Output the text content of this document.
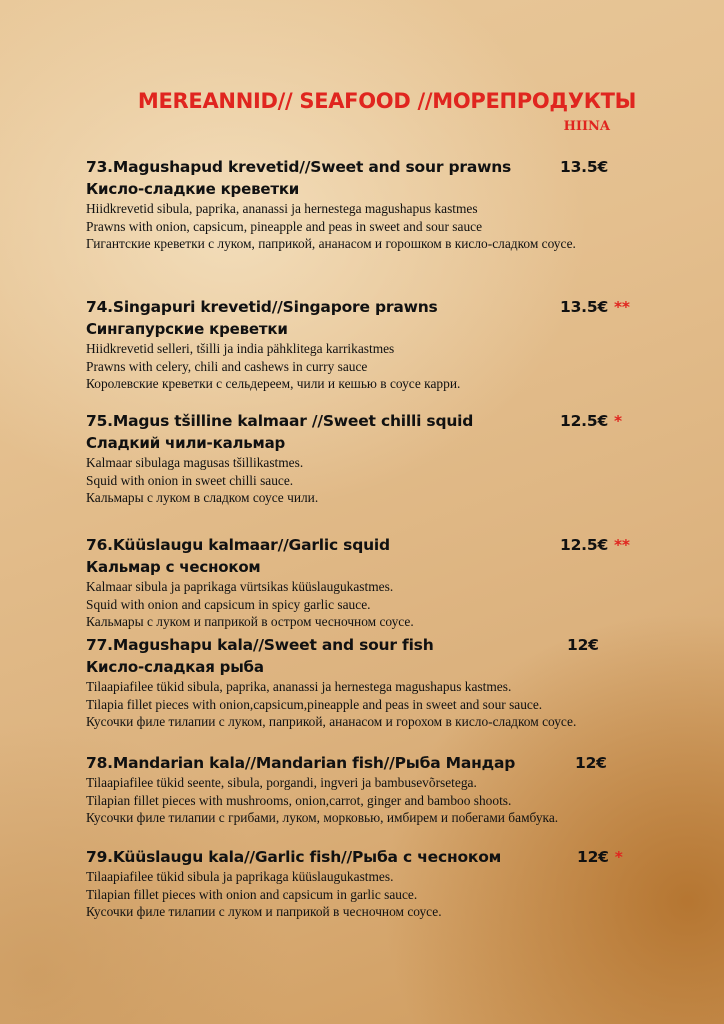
MEREANNID// SEAFOOD //МОРЕПРОДУКТЫ
HIINA
73.Magushapud krevetid//Sweet and sour prawns	13.5€
Кисло-сладкие креветки
Hiidkrevetid sibula, paprika, ananassi ja hernestega magushapus kastmes
Prawns with onion, capsicum, pineapple and peas in sweet and sour sauce
Гигантские креветки с луком, паприкой, ананасом и горошком в кисло-сладком соусе.
74.Singapuri krevetid//Singapore prawns	13.5€ **
Сингапурские креветки
Hiidkrevetid selleri, tšilli ja india pähklitega karrikastmes
Prawns with celery, chili and cashews in curry sauce
Королевские креветки с сельдереем, чили и кешью в соусе карри.
75.Magus tšilline kalmaar //Sweet chilli squid	12.5€ *
Сладкий чили-кальмар
Kalmaar sibulaga magusas tšillikastmes.
Squid with onion in sweet chilli sauce.
Кальмары с луком в сладком соусе чили.
76.Küüslaugu kalmaar//Garlic squid	12.5€ **
Кальмар с чесноком
Kalmaar sibula ja paprikaga vürtsikas küüslaugukastmes.
Squid with onion and capsicum in spicy garlic sauce.
Кальмары с луком и паприкой в остром чесночном соусе.
77.Magushapu kala//Sweet and sour fish	12€
Кисло-сладкая рыба
Tilaapiafilee tükid sibula, paprika, ananassi ja hernestega magushapus kastmes.
Tilapia fillet pieces with onion,capsicum,pineapple and peas in sweet and sour sauce.
Кусочки филе тилапии с луком, паприкой, ананасом и горохом в кисло-сладком соусе.
78.Mandarian kala//Mandarian fish//Рыба Мандар	12€
Tilaapiafilee tükid seente, sibula, porgandi, ingveri ja bambusevõrsetega.
Tilapian fillet pieces with mushrooms, onion,carrot, ginger and bamboo shoots.
Кусочки филе тилапии с грибами, луком, морковью, имбирем и побегами бамбука.
79.Küüslaugu kala//Garlic fish//Рыба с чесноком	12€ *
Tilaapiafilee tükid sibula ja paprikaga küüslaugukastmes.
Tilapian fillet pieces with onion and capsicum in garlic sauce.
Кусочки филе тилапии с луком и паприкой в чесночном соусе.
